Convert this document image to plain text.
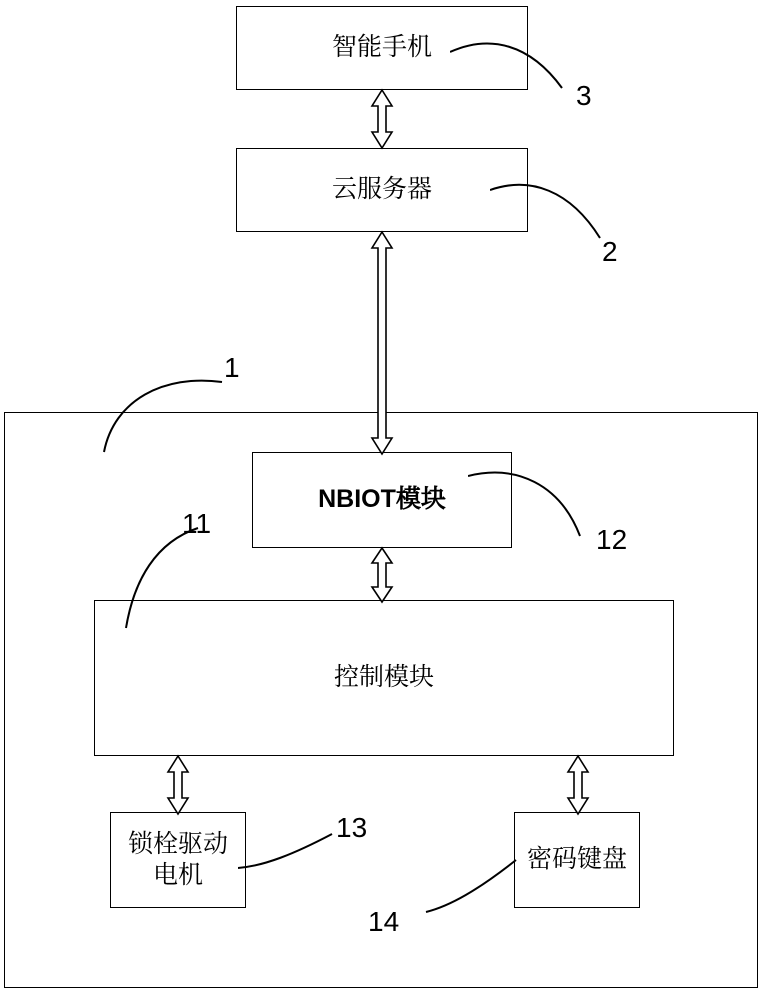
智能手机
云服务器
NBIOT模块
控制模块
锁栓驱动电机
密码键盘
3
2
1
12
11
13
14
